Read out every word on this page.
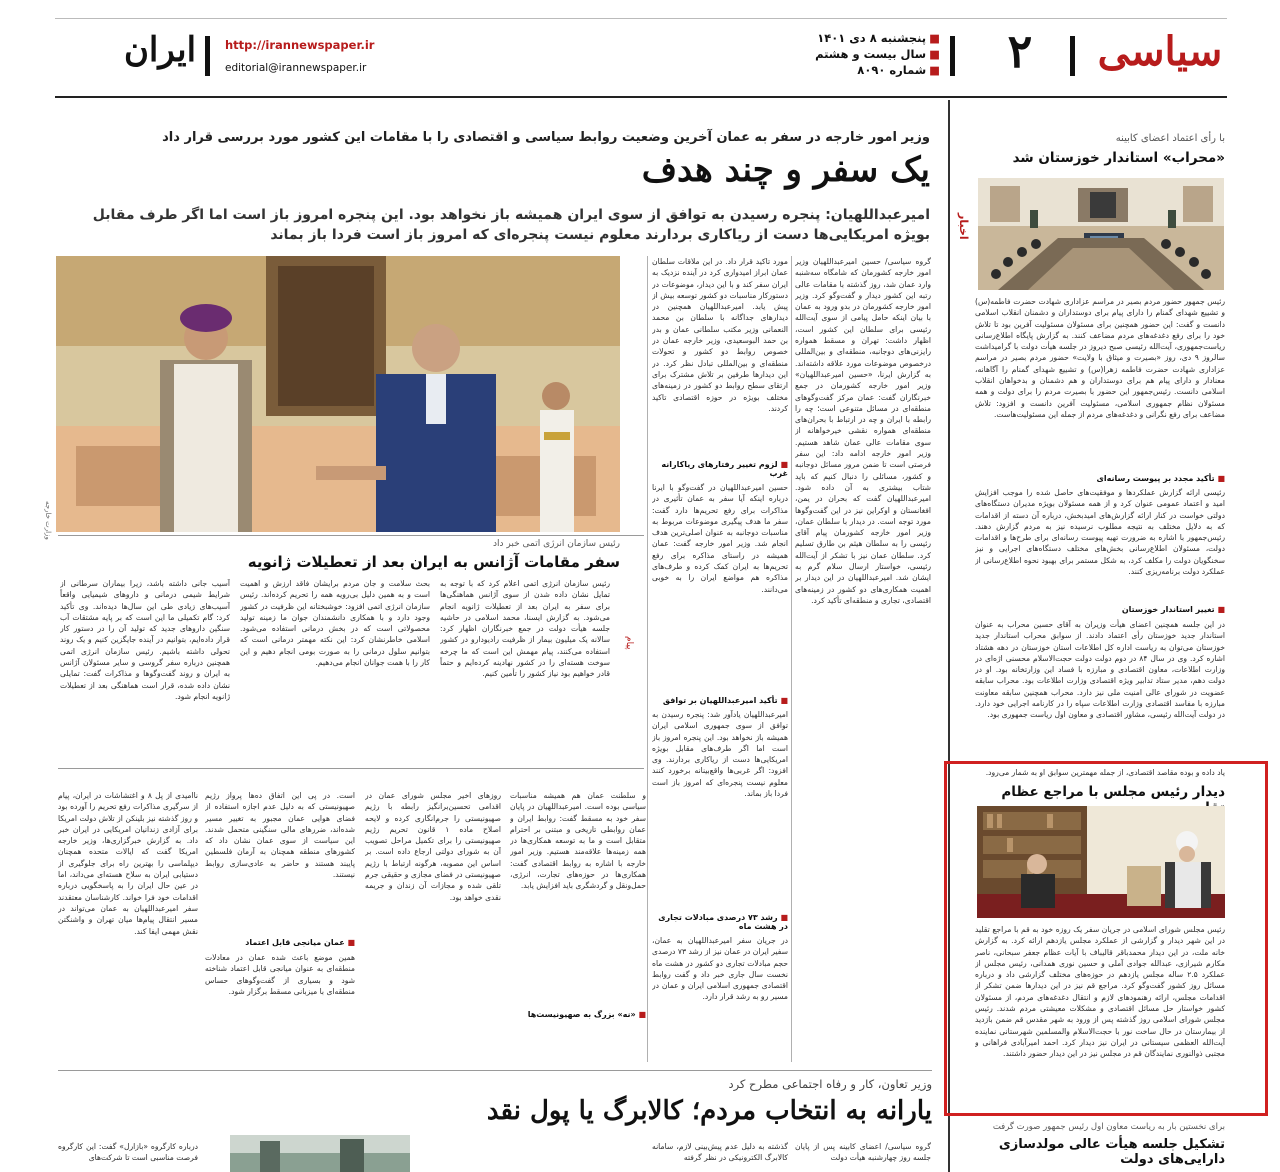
سیاسی
۲
■پنجشنبه ۸ دی ۱۴۰۱
■سال بیست و هشتم
■شماره ۸۰۹۰
http://irannewspaper.ir
editorial@irannewspaper.ir
ایران
اخبار
با رأی اعتماد اعضای کابینه
«محراب» استاندار خوزستان شد
رئیس جمهور حضور مردم بصیر در مراسم عزاداری شهادت حضرت فاطمه(س) و تشییع شهدای گمنام را دارای پیام برای دوستداران و دشمنان انقلاب اسلامی دانست و گفت: این حضور همچنین برای مسئولان مسئولیت آفرین بود تا تلاش خود را برای رفع دغدغه‌های مردم مضاعف کنند. به گزارش پایگاه اطلاع‌رسانی ریاست‌جمهوری، آیت‌الله رئیسی صبح دیروز در جلسه هیأت دولت با گرامیداشت سالروز ۹ دی، روز «بصیرت و میثاق با ولایت» حضور مردم بصیر در مراسم عزاداری شهادت حضرت فاطمه زهرا(س) و تشییع شهدای گمنام را آگاهانه، معنادار و دارای پیام هم برای دوستداران و هم دشمنان و بدخواهان انقلاب اسلامی دانست. رئیس‌جمهور این حضور با بصیرت مردم را برای دولت و همه مسئولان نظام جمهوری اسلامی، مسئولیت آفرین دانست و افزود: تلاش مضاعف برای رفع نگرانی و دغدغه‌های مردم از جمله این مسئولیت‌هاست.
■ تأکید مجدد بر پیوست رسانه‌ای
رئیسی ارائه گزارش عملکردها و موفقیت‌های حاصل شده را موجب افزایش امید و اعتماد عمومی عنوان کرد و از همه مسئولان بویژه مدیران دستگاه‌های دولتی خواست در کنار ارائه گزارش‌های امیدبخش، درباره آن دسته از اقدامات که به دلایل مختلف به نتیجه مطلوب نرسیده نیز به مردم گزارش دهند. رئیس‌جمهور با اشاره به ضرورت تهیه پیوست رسانه‌ای برای طرح‌ها و اقدامات دولت، مسئولان اطلاع‌رسانی بخش‌های مختلف دستگاه‌های اجرایی و نیز سخنگویان دولت را مکلف کرد، به شکل مستمر برای بهبود نحوه اطلاع‌رسانی از عملکرد دولت برنامه‌ریزی کنند.
■ تغییر استاندار خوزستان
در این جلسه همچنین اعضای هیأت وزیران به آقای حسین محراب به عنوان استاندار جدید خوزستان رأی اعتماد دادند. از سوابق محراب استاندار جدید خوزستان می‌توان به ریاست اداره کل اطلاعات استان خوزستان در دهه هشتاد اشاره کرد. وی در سال ۸۴ در دوم دولت دولت حجت‌الاسلام محسنی اژه‌ای در وزارت اطلاعات، معاون اقتصادی و مبارزه با فساد این وزارتخانه بود. او در دولت دهم، مدیر ستاد تدابیر ویژه اقتصادی وزارت اطلاعات بود. محراب سابقه عضویت در شورای عالی امنیت ملی نیز دارد. محراب همچنین سابقه معاونت مبارزه با مفاسد اقتصادی وزارت اطلاعات سپاه را در کارنامه اجرایی خود دارد. در دولت آیت‌الله رئیسی، مشاور اقتصادی و معاون اول ریاست جمهوری بود.
یاد داده و بوده مقاصد اقتصادی، از جمله مهمترین سوابق او به شمار می‌رود.
دیدار رئیس مجلس با مراجع عظام
رئیس مجلس شورای اسلامی در جریان سفر یک روزه خود به قم با مراجع تقلید در این شهر دیدار و گزارشی از عملکرد مجلس یازدهم ارائه کرد. به گزارش خانه ملت، در این دیدار محمدباقر قالیباف با آیات عظام جعفر سبحانی، ناصر مکارم شیرازی، عبدالله جوادی آملی و حسین نوری همدانی، رئیس مجلس از عملکرد ۲.۵ ساله مجلس یازدهم در حوزه‌های مختلف گزارشی داد و درباره مسائل روز کشور گفت‌وگو کرد. مراجع قم نیز در این دیدارها ضمن تشکر از اقدامات مجلس، ارائه رهنمودهای لازم و انتقال دغدغه‌های مردم، از مسئولان کشور خواستار حل مسائل اقتصادی و مشکلات معیشتی مردم شدند. رئیس مجلس شورای اسلامی روز گذشته پس از ورود به شهر مقدس قم ضمن بازدید از بیمارستان در حال ساخت نور با حجت‌الاسلام والمسلمین شهرستانی نماینده آیت‌الله العظمی سیستانی در ایران نیز دیدار کرد. احمد امیرآبادی فراهانی و مجتبی ذوالنوری نمایندگان قم در مجلس نیز در این دیدار حضور داشتند.
برای نخستین بار به ریاست معاون اول رئیس جمهور صورت گرفت
تشکیل جلسه هیأت عالی مولدسازی دارایی‌های دولت
وزیر امور خارجه در سفر به عمان آخرین وضعیت روابط سیاسی و اقتصادی را با مقامات این کشور مورد بررسی قرار داد
یک سفر و چند هدف
امیرعبداللهیان: پنجره رسیدن به توافق از سوی ایران همیشه باز نخواهد بود. این پنجره امروز باز است اما اگر طرف مقابل بویژه امریکایی‌ها دست از ریاکاری بردارند معلوم نیست پنجره‌ای که امروز باز است فردا باز بماند
وزارت خارجه
گروه سیاسی/ حسین امیرعبداللهیان وزیر امور خارجه کشورمان که شامگاه سه‌شنبه وارد عمان شد، روز گذشته با مقامات عالی رتبه این کشور دیدار و گفت‌وگو کرد. وزیر امور خارجه کشورمان در بدو ورود به عمان با بیان اینکه حامل پیامی از سوی آیت‌الله رئیسی برای سلطان این کشور است، اظهار داشت: تهران و مسقط همواره رایزنی‌های دوجانبه، منطقه‌ای و بین‌المللی درخصوص موضوعات مورد علاقه داشته‌اند. به گزارش ایرنا، «حسین امیرعبداللهیان» وزیر امور خارجه کشورمان در جمع خبرنگاران گفت: عمان مرکز گفت‌وگوهای منطقه‌ای در مسائل متنوعی است؛ چه را رابطه با ایران و چه در ارتباط با بحران‌های منطقه‌ای همواره نقشی خیرخواهانه از سوی مقامات عالی عمان شاهد هستیم. وزیر امور خارجه ادامه داد: این سفر فرصتی است تا ضمن مرور مسائل دوجانبه و کشور، مسائلی را دنبال کنیم که باید شتاب بیشتری به آن داده شود. امیرعبداللهیان گفت که بحران در یمن، افغانستان و اوکراین نیز در این گفت‌وگوها مورد توجه است. در دیدار با سلطان عمان، وزیر امور خارجه کشورمان پیام آقای رئیسی را به سلطان هیثم بن طارق تسلیم کرد. سلطان عمان نیز با تشکر از آیت‌الله رئیسی، خواستار ارسال سلام گرم به ایشان شد. امیرعبداللهیان در این دیدار بر اهمیت همکاری‌های دو کشور در زمینه‌های اقتصادی، تجاری و منطقه‌ای تأکید کرد.
مورد تاکید قرار داد. در این ملاقات سلطان عمان ابراز امیدواری کرد در آینده نزدیک به ایران سفر کند و با این دیدار، موضوعات در دستورکار مناسبات دو کشور توسعه بیش از پیش یابد. امیرعبداللهیان همچنین در دیدارهای جداگانه با سلطان بن محمد النعمانی وزیر مکتب سلطانی عمان و بدر بن حمد البوسعیدی، وزیر خارجه عمان در خصوص روابط دو کشور و تحولات منطقه‌ای و بین‌المللی تبادل نظر کرد. در این دیدارها طرفین بر تلاش مشترک برای ارتقای سطح روابط دو کشور در زمینه‌های مختلف بویژه در حوزه اقتصادی تاکید کردند.
■ لزوم تغییر رفتارهای ریاکارانه غرب
حسین امیرعبداللهیان در گفت‌وگو با ایرنا درباره اینکه آیا سفر به عمان تأثیری در مذاکرات برای رفع تحریم‌ها دارد گفت: سفر ما هدف پیگیری موضوعات مربوط به مناسبات دوجانبه به عنوان اصلی‌ترین هدف انجام شد. وزیر امور خارجه گفت: عمان همیشه در راستای مذاکره برای رفع تحریم‌ها به ایران کمک کرده و طرف‌های مذاکره هم مواضع ایران را به خوبی می‌دانند.
■ تأکید امیرعبداللهیان بر توافق
امیرعبداللهیان یادآور شد: پنجره رسیدن به توافق از سوی جمهوری اسلامی ایران همیشه باز نخواهد بود. این پنجره امروز باز است اما اگر طرف‌های مقابل بویژه امریکایی‌ها دست از ریاکاری بردارند. وی افزود: اگر غربی‌ها واقع‌بینانه برخورد کنند معلوم نیست پنجره‌ای که امروز باز است فردا باز بماند.
■ رشد ۷۳ درصدی مبادلات تجاری در هشت ماه
در جریان سفر امیرعبداللهیان به عمان، سفیر ایران در عمان نیز از رشد ۷۳ درصدی حجم مبادلات تجاری دو کشور در هشت ماه نخست سال جاری خبر داد و گفت روابط اقتصادی جمهوری اسلامی ایران و عمان در مسیر رو به رشد قرار دارد.
رئیس سازمان انرژی اتمی خبر داد
سفر مقامات آژانس به ایران بعد از تعطیلات ژانویه
پیام
رئیس سازمان انرژی اتمی اعلام کرد که با توجه به تمایل نشان داده شدن از سوی آژانس هماهنگی‌ها برای سفر به ایران بعد از تعطیلات ژانویه انجام می‌شود. به گزارش ایسنا، محمد اسلامی در حاشیه جلسه هیأت دولت در جمع خبرنگاران اظهار کرد: سالانه یک میلیون بیمار از ظرفیت رادیودارو در کشور استفاده می‌کنند، پیام مهمش این است که ما چرخه سوخت هسته‌ای را در کشور نهادینه کرده‌ایم و حتماً قادر خواهیم بود نیاز کشور را تأمین کنیم.
بحث سلامت و جان مردم برایشان فاقد ارزش و اهمیت است و به همین دلیل بی‌رویه همه را تحریم کرده‌اند. رئیس سازمان انرژی اتمی افزود: خوشبختانه این ظرفیت در کشور وجود دارد و با همکاری دانشمندان جوان ما زمینه تولید محصولاتی است که در بخش درمانی استفاده می‌شود. اسلامی خاطرنشان کرد: این نکته مهمتر درمانی است که بتوانیم سلول درمانی را به صورت بومی انجام دهیم و این کار را با همت جوانان انجام می‌دهیم.
آسیب جانی داشته باشد، زیرا بیماران سرطانی از شرایط شیمی درمانی و داروهای شیمیایی واقعاً آسیب‌های زیادی طی این سال‌ها دیده‌اند. وی تأکید کرد: گام تکمیلی ما این است که بر پایه مشتقات آب سنگین داروهای جدید که تولید آن را در دستور کار قرار داده‌ایم، بتوانیم در آینده جایگزین کنیم و یک روند تحولی داشته باشیم. رئیس سازمان انرژی اتمی همچنین درباره سفر گروسی و سایر مسئولان آژانس به ایران و روند گفت‌وگوها و مذاکرات گفت: تمایلی نشان داده شده، قرار است هماهنگی بعد از تعطیلات ژانویه انجام شود.
و سلطنت عمان هم همیشه مناسبات سیاسی بوده است. امیرعبداللهیان در پایان سفر خود به مسقط گفت: روابط ایران و عمان روابطی تاریخی و مبتنی بر احترام متقابل است و ما به توسعه همکاری‌ها در همه زمینه‌ها علاقه‌مند هستیم. وزیر امور خارجه با اشاره به روابط اقتصادی گفت: همکاری‌ها در حوزه‌های تجارت، انرژی، حمل‌ونقل و گردشگری باید افزایش یابد.
■ «نه» بزرگ به صهیونیست‌ها
روزهای اخیر مجلس شورای عمان در اقدامی تحسین‌برانگیز رابطه با رژیم صهیونیستی را جرم‌انگاری کرده و لایحه اصلاح ماده ۱ قانون تحریم رژیم صهیونیستی را برای تکمیل مراحل تصویب آن به شورای دولتی ارجاع داده است. بر اساس این مصوبه، هرگونه ارتباط با رژیم صهیونیستی در فضای مجازی و حقیقی جرم تلقی شده و مجازات آن زندان و جریمه نقدی خواهد بود.
است. در پی این اتفاق ده‌ها پرواز رژیم صهیونیستی که به دلیل عدم اجازه استفاده از فضای هوایی عمان مجبور به تغییر مسیر شده‌اند، ضررهای مالی سنگینی متحمل شدند. این سیاست از سوی عمان نشان داد که کشورهای منطقه همچنان به آرمان فلسطین پایبند هستند و حاضر به عادی‌سازی روابط نیستند.
■ عمان میانجی قابل اعتماد
همین موضع باعث شده عمان در معادلات منطقه‌ای به عنوان میانجی قابل اعتماد شناخته شود و بسیاری از گفت‌وگوهای حساس منطقه‌ای با میزبانی مسقط برگزار شود.
ناامیدی از پل ۸ و اغتشاشات در ایران، پیام از سرگیری مذاکرات رفع تحریم را آورده بود و روز گذشته نیز بلینکن از تلاش دولت امریکا برای آزادی زندانیان امریکایی در ایران خبر داد. به گزارش خبرگزاری‌ها، وزیر خارجه امریکا گفت که ایالات متحده همچنان دیپلماسی را بهترین راه برای جلوگیری از دستیابی ایران به سلاح هسته‌ای می‌داند، اما در عین حال ایران را به پاسخگویی درباره اقدامات خود فرا خواند. کارشناسان معتقدند سفر امیرعبداللهیان به عمان می‌تواند در مسیر انتقال پیام‌ها میان تهران و واشنگتن نقش مهمی ایفا کند.
وزیر تعاون، کار و رفاه اجتماعی مطرح کرد
یارانه به انتخاب مردم؛ کالابرگ یا پول نقد
گروه سیاسی/ اعضای کابینه پس از پایان جلسه روز چهارشنبه هیأت دولت
گذشته به دلیل عدم پیش‌بینی لازم، سامانه کالابرگ الکترونیکی در نظر گرفته
درباره کارگروه «بازارل» گفت: این کارگروه فرصت مناسبی است تا شرکت‌های
